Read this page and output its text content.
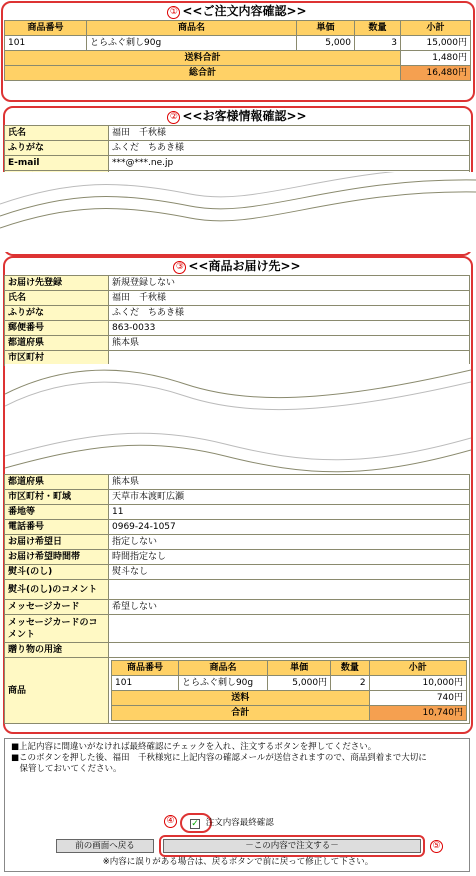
① <<ご注文内容確認>>
商品番号	商品名	単価	数量	小計
101	とらふぐ刺し90g	5,000	3	15,000円
送料合計				1,480円
総合計				16,480円
② <<お客様情報確認>>
氏名	福田　千秋様
ふりがな	ふくだ　ちあき様
E-mail	***@***.ne.jp

③ <<商品お届け先>>
お届け先登録	新規登録しない
氏名	福田　千秋様
ふりがな	ふくだ　ちあき様
郵便番号	863-0033
都道府県	熊本県
市区町村	
都道府県	熊本県
市区町村・町域	天草市本渡町広瀬
番地等	11
電話番号	0969-24-1057
お届け希望日	指定しない
お届け希望時間帯	時間指定なし
熨斗(のし)	熨斗なし
熨斗(のし)のコメント	
メッセージカード	希望しない
メッセージカードのコメント	
贈り物の用途	
商品	
商品番号	商品名	単価	数量	小計
101	とらふぐ刺し90g	5,000円	2	10,000円
送料	740円
合計	10,740円
■上記内容に間違いがなければ最終確認にチェックを入れ、注文するボタンを押してください。
■このボタンを押した後、福田　千秋様宛に上記内容の確認メールが送信されますので、商品到着まで大切に
　保管しておいてください。
④ ✓ 注文内容最終確認
前の画面へ戻る	－この内容で注文する－	⑤
※内容に誤りがある場合は、戻るボタンで前に戻って修正して下さい。
